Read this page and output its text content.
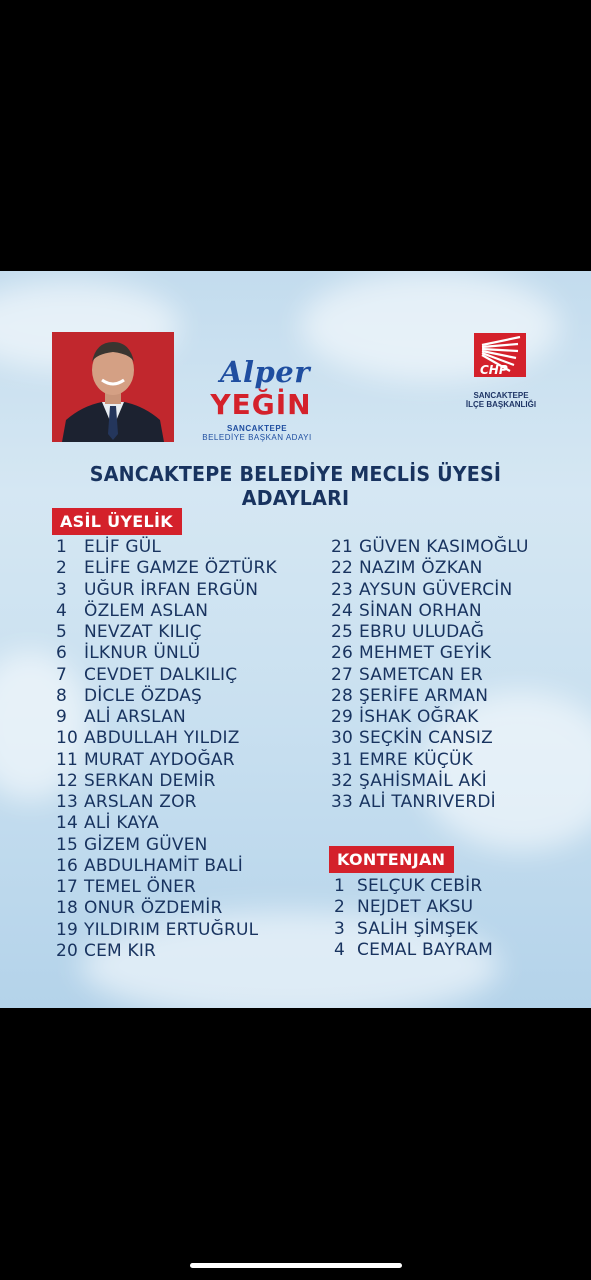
Alper
YEĞİN
SANCAKTEPE
BELEDİYE BAŞKAN ADAYI
CHP
SANCAKTEPE
İLÇE BAŞKANLIĞI
SANCAKTEPE BELEDİYE MECLİS ÜYESİ ADAYLARI
ASİL ÜYELİK
KONTENJAN
1 ELİF GÜL
2 ELİFE GAMZE ÖZTÜRK
3 UĞUR İRFAN ERGÜN
4 ÖZLEM ASLAN
5 NEVZAT KILIÇ
6 İLKNUR ÜNLÜ
7 CEVDET DALKILIÇ
8 DİCLE ÖZDAŞ
9 ALİ ARSLAN
10 ABDULLAH YILDIZ
11 MURAT AYDOĞAR
12 SERKAN DEMİR
13 ARSLAN ZOR
14 ALİ KAYA
15 GİZEM GÜVEN
16 ABDULHAMİT BALİ
17 TEMEL ÖNER
18 ONUR ÖZDEMİR
19 YILDIRIM ERTUĞRUL
20 CEM KIR
21 GÜVEN KASIMOĞLU
22 NAZIM ÖZKAN
23 AYSUN GÜVERCİN
24 SİNAN ORHAN
25 EBRU ULUDAĞ
26 MEHMET GEYİK
27 SAMETCAN ER
28 ŞERİFE ARMAN
29 İSHAK OĞRAK
30 SEÇKİN CANSIZ
31 EMRE KÜÇÜK
32 ŞAHİSMAİL AKİ
33 ALİ TANRIVERDİ
1 SELÇUK CEBİR
2 NEJDET AKSU
3 SALİH ŞİMŞEK
4 CEMAL BAYRAM
